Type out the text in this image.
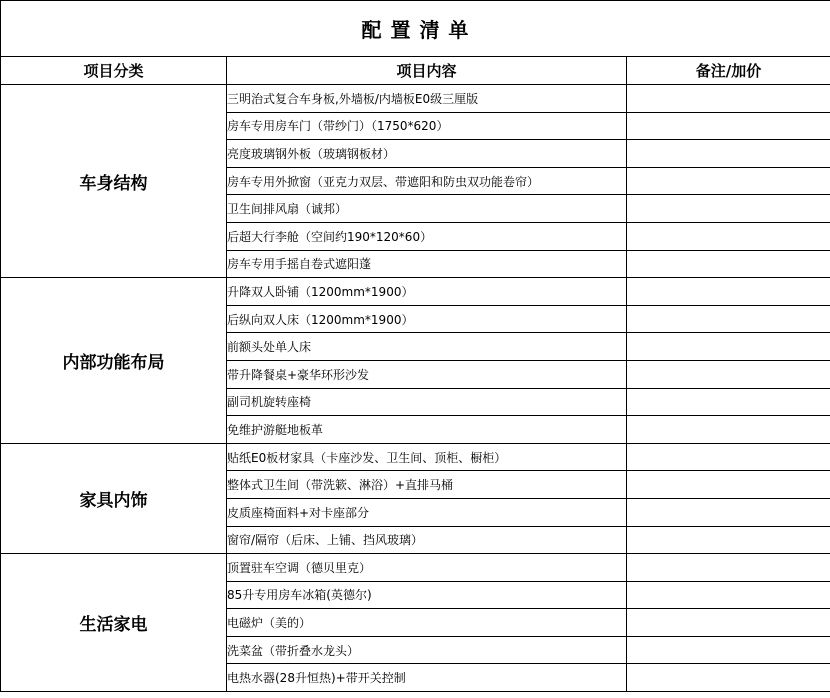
配 置 清 单		
项目分类	项目内容	备注/加价
车身结构	三明治式复合车身板,外墙板/内墙板E0级三厘版	
	房车专用房车门（带纱门）（1750*620）	
	亮度玻璃钢外板（玻璃钢板材）	
	房车专用外掀窗（亚克力双层、带遮阳和防虫双功能卷帘）	
	卫生间排风扇（诚邦）	
	后超大行李舱（空间约190*120*60）	
	房车专用手摇自卷式遮阳蓬	
内部功能布局	升降双人卧铺（1200mm*1900）	
	后纵向双人床（1200mm*1900）	
	前额头处单人床	
	带升降餐桌+豪华环形沙发	
	副司机旋转座椅	
	免维护游艇地板革	
家具内饰	贴纸E0板材家具（卡座沙发、卫生间、顶柜、橱柜）	
	整体式卫生间（带洗簌、淋浴）+直排马桶	
	皮质座椅面料+对卡座部分	
	窗帘/隔帘（后床、上铺、挡风玻璃）	
生活家电	顶置驻车空调（德贝里克）	
	85升专用房车冰箱(英德尔)	
	电磁炉（美的）	
	洗菜盆（带折叠水龙头）	
	电热水器(28升恒热)+带开关控制	
